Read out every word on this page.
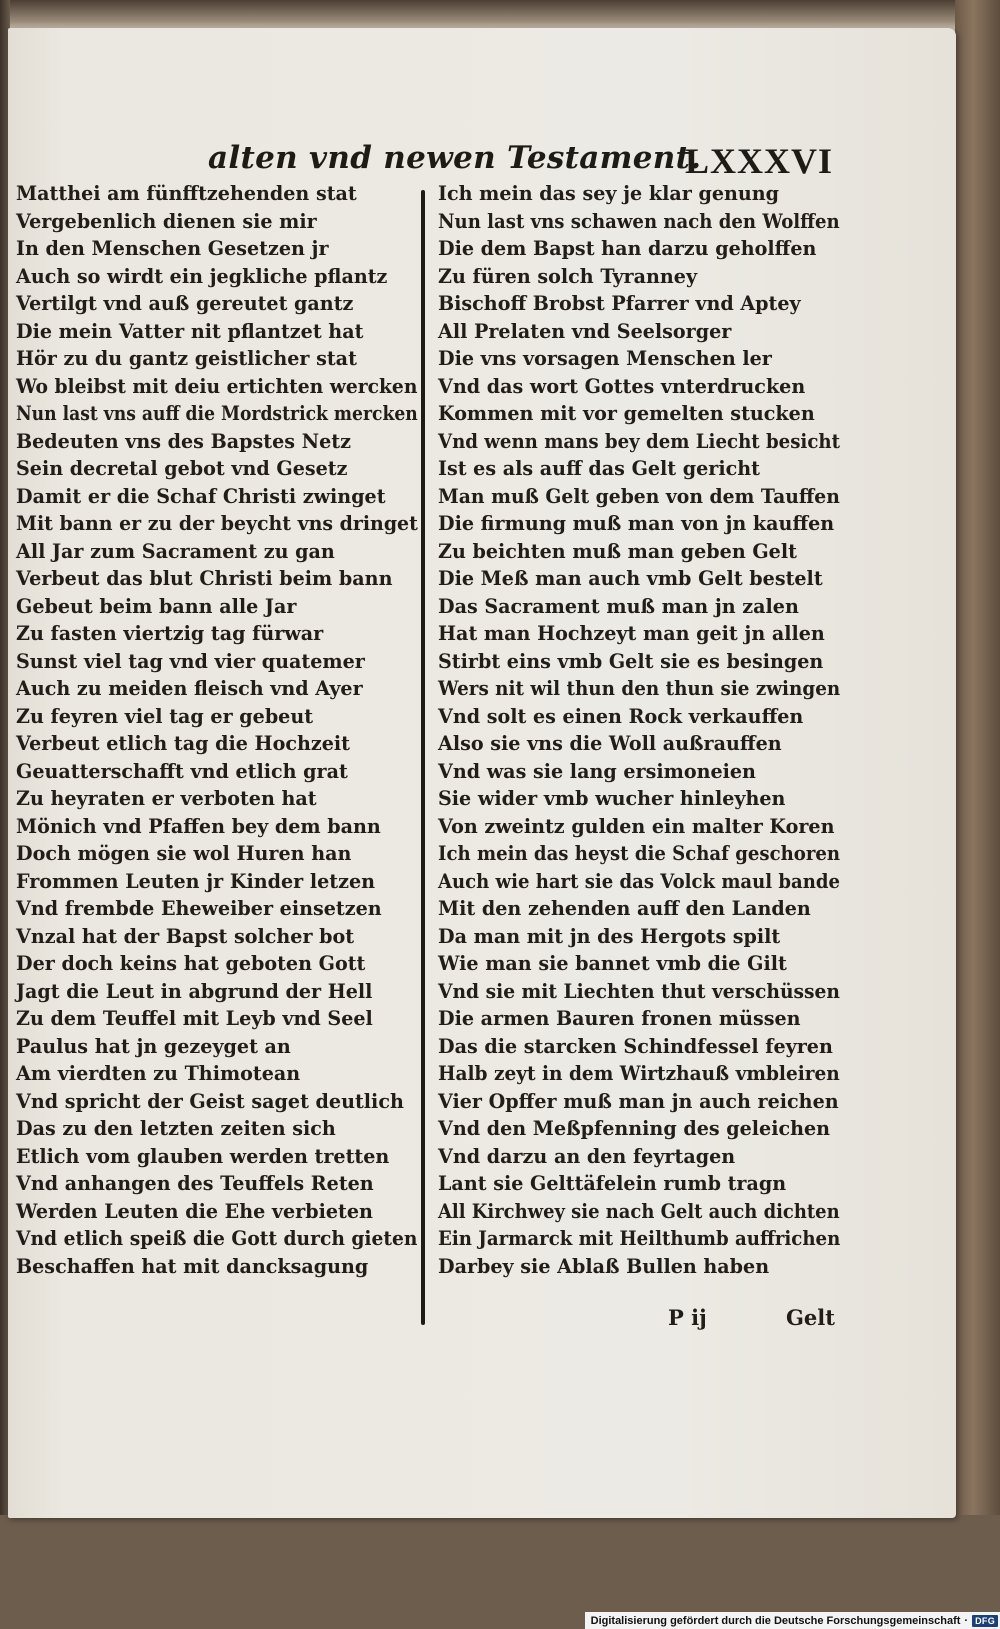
alten vnd newen Testament.
LXXXVI
Matthei am fünfftzehenden stat
Vergebenlich dienen sie mir
In den Menschen Gesetzen jr
Auch so wirdt ein jegkliche pflantz
Vertilgt vnd auß gereutet gantz
Die mein Vatter nit pflantzet hat
Hör zu du gantz geistlicher stat
Wo bleibst mit deiu ertichten wercken
Nun last vns auff die Mordstrick mercken
Bedeuten vns des Bapstes Netz
Sein decretal gebot vnd Gesetz
Damit er die Schaf Christi zwinget
Mit bann er zu der beycht vns dringet
All Jar zum Sacrament zu gan
Verbeut das blut Christi beim bann
Gebeut beim bann alle Jar
Zu fasten viertzig tag fürwar
Sunst viel tag vnd vier quatemer
Auch zu meiden fleisch vnd Ayer
Zu feyren viel tag er gebeut
Verbeut etlich tag die Hochzeit
Geuatterschafft vnd etlich grat
Zu heyraten er verboten hat
Mönich vnd Pfaffen bey dem bann
Doch mögen sie wol Huren han
Frommen Leuten jr Kinder letzen
Vnd frembde Eheweiber einsetzen
Vnzal hat der Bapst solcher bot
Der doch keins hat geboten Gott
Jagt die Leut in abgrund der Hell
Zu dem Teuffel mit Leyb vnd Seel
Paulus hat jn gezeyget an
Am vierdten zu Thimotean
Vnd spricht der Geist saget deutlich
Das zu den letzten zeiten sich
Etlich vom glauben werden tretten
Vnd anhangen des Teuffels Reten
Werden Leuten die Ehe verbieten
Vnd etlich speiß die Gott durch gieten
Beschaffen hat mit dancksagung
Ich mein das sey je klar genung
Nun last vns schawen nach den Wolffen
Die dem Bapst han darzu geholffen
Zu füren solch Tyranney
Bischoff Brobst Pfarrer vnd Aptey
All Prelaten vnd Seelsorger
Die vns vorsagen Menschen ler
Vnd das wort Gottes vnterdrucken
Kommen mit vor gemelten stucken
Vnd wenn mans bey dem Liecht besicht
Ist es als auff das Gelt gericht
Man muß Gelt geben von dem Tauffen
Die firmung muß man von jn kauffen
Zu beichten muß man geben Gelt
Die Meß man auch vmb Gelt bestelt
Das Sacrament muß man jn zalen
Hat man Hochzeyt man geit jn allen
Stirbt eins vmb Gelt sie es besingen
Wers nit wil thun den thun sie zwingen
Vnd solt es einen Rock verkauffen
Also sie vns die Woll außrauffen
Vnd was sie lang ersimoneien
Sie wider vmb wucher hinleyhen
Von zweintz gulden ein malter Koren
Ich mein das heyst die Schaf geschoren
Auch wie hart sie das Volck maul bande
Mit den zehenden auff den Landen
Da man mit jn des Hergots spilt
Wie man sie bannet vmb die Gilt
Vnd sie mit Liechten thut verschüssen
Die armen Bauren fronen müssen
Das die starcken Schindfessel feyren
Halb zeyt in dem Wirtzhauß vmbleiren
Vier Opffer muß man jn auch reichen
Vnd den Meßpfenning des geleichen
Vnd darzu an den feyrtagen
Lant sie Gelttäfelein rumb tragn
All Kirchwey sie nach Gelt auch dichten
Ein Jarmarck mit Heilthumb auffrichen
Darbey sie Ablaß Bullen haben
P ij	Gelt
Digitalisierung gefördert durch die Deutsche Forschungsgemeinschaft · DFG
